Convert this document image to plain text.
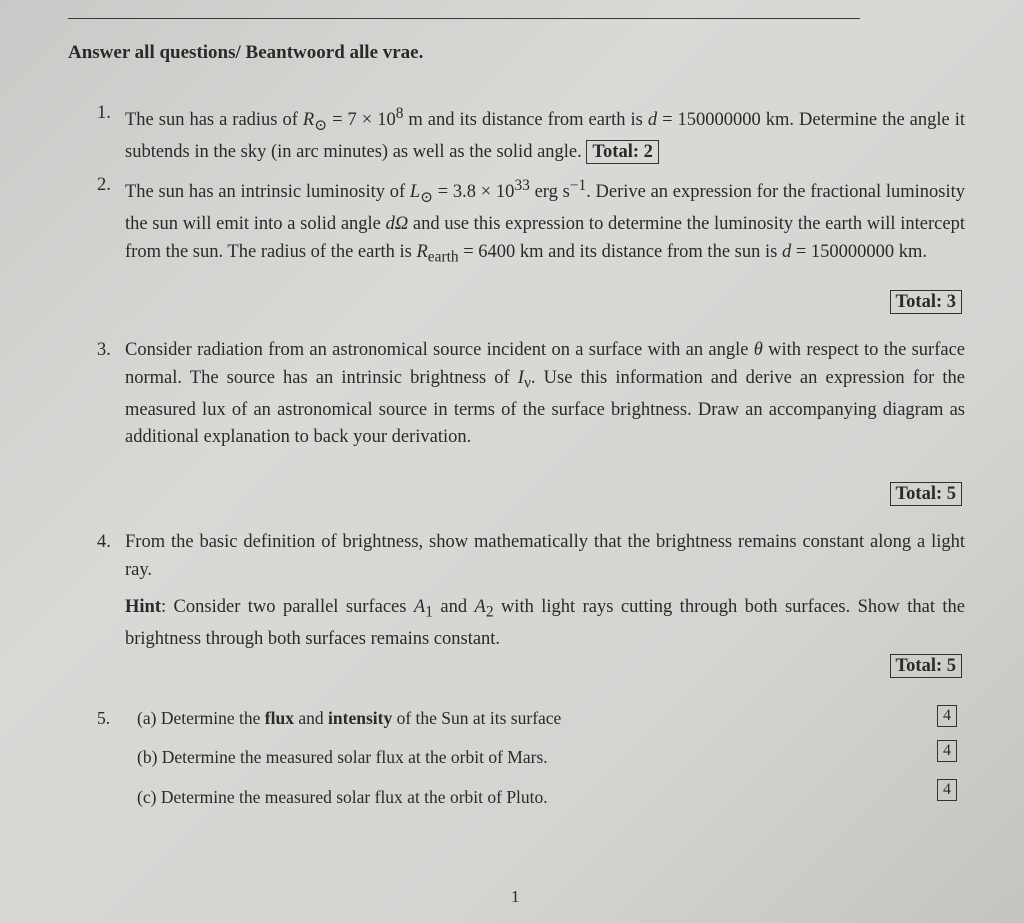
Answer all questions/ Beantwoord alle vrae.
1. The sun has a radius of $R_⊙ = 7 \times 10^8$ m and its distance from earth is d = 150000000 km. Determine the angle it subtends in the sky (in arc minutes) as well as the solid angle. Total: 2
2. The sun has an intrinsic luminosity of $L_⊙ = 3.8 \times 10^{33}$ erg $s^{-1}$. Derive an expression for the fractional luminosity the sun will emit into a solid angle dΩ and use this expression to determine the luminosity the earth will intercept from the sun. The radius of the earth is $R_{earth} = 6400$ km and its distance from the sun is d = 150000000 km.
Total: 3
3. Consider radiation from an astronomical source incident on a surface with an angle θ with respect to the surface normal. The source has an intrinsic brightness of $I_\nu$. Use this information and derive an expression for the measured lux of an astronomical source in terms of the surface brightness. Draw an accompanying diagram as additional explanation to back your derivation.
Total: 5
4. From the basic definition of brightness, show mathematically that the brightness remains constant along a light ray.
Hint: Consider two parallel surfaces $A_1$ and $A_2$ with light rays cutting through both surfaces. Show that the brightness through both surfaces remains constant.
Total: 5
5. (a) Determine the flux and intensity of the Sun at its surface
(b) Determine the measured solar flux at the orbit of Mars.
(c) Determine the measured solar flux at the orbit of Pluto.
4
4
4
1
